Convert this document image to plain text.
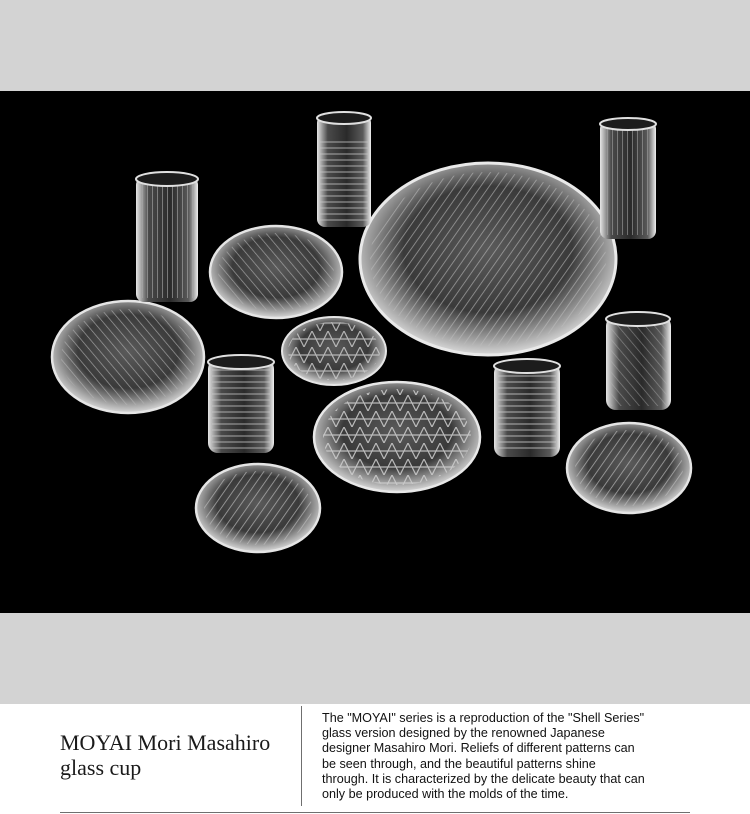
MOYAI Mori Masahiro
glass cup

The "MOYAI" series is a reproduction of the "Shell Series"
glass version designed by the renowned Japanese
designer Masahiro Mori. Reliefs of different patterns can
be seen through, and the beautiful patterns shine
through. It is characterized by the delicate beauty that can
only be produced with the molds of the time.
